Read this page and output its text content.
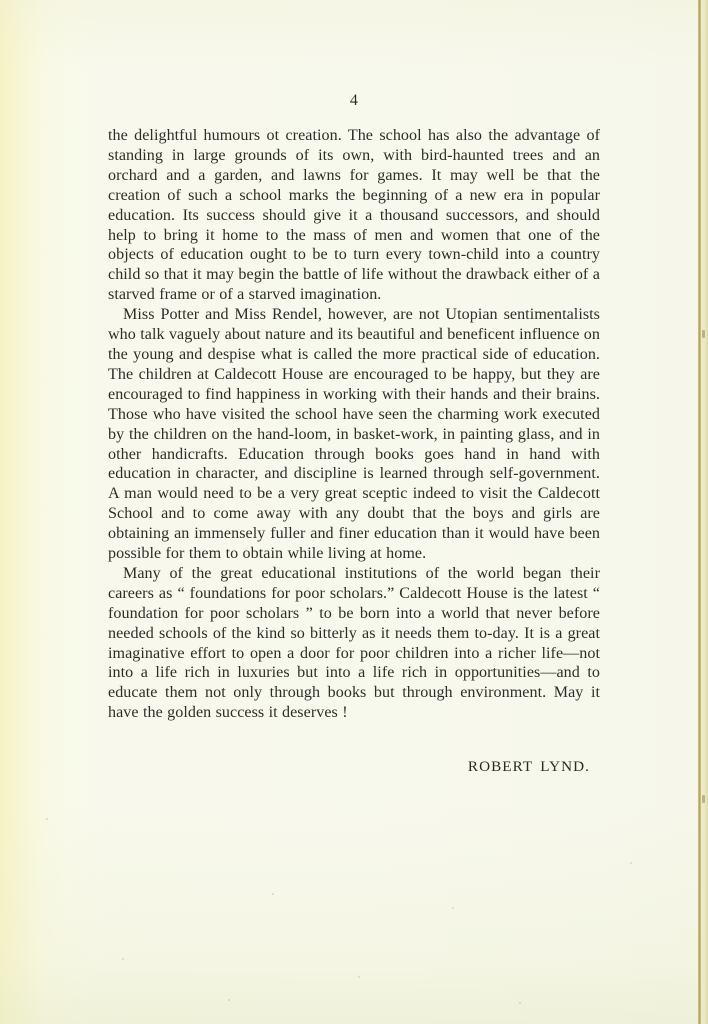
4

the delightful humours ot creation. The school has also the advantage of standing in large grounds of its own, with bird-haunted trees and an orchard and a garden, and lawns for games. It may well be that the creation of such a school marks the beginning of a new era in popular education. Its success should give it a thousand successors, and should help to bring it home to the mass of men and women that one of the objects of education ought to be to turn every town-child into a country child so that it may begin the battle of life without the drawback either of a starved frame or of a starved imagination.

Miss Potter and Miss Rendel, however, are not Utopian sentimentalists who talk vaguely about nature and its beautiful and beneficent influence on the young and despise what is called the more practical side of education. The children at Caldecott House are encouraged to be happy, but they are encouraged to find happiness in working with their hands and their brains. Those who have visited the school have seen the charming work executed by the children on the hand-loom, in basket-work, in painting glass, and in other handicrafts. Education through books goes hand in hand with education in character, and discipline is learned through self-government. A man would need to be a very great sceptic indeed to visit the Caldecott School and to come away with any doubt that the boys and girls are obtaining an immensely fuller and finer education than it would have been possible for them to obtain while living at home.

Many of the great educational institutions of the world began their careers as “ foundations for poor scholars.” Caldecott House is the latest “ foundation for poor scholars ” to be born into a world that never before needed schools of the kind so bitterly as it needs them to-day. It is a great imaginative effort to open a door for poor children into a richer life—not into a life rich in luxuries but into a life rich in opportunities—and to educate them not only through books but through environment. May it have the golden success it deserves !

ROBERT LYND.
